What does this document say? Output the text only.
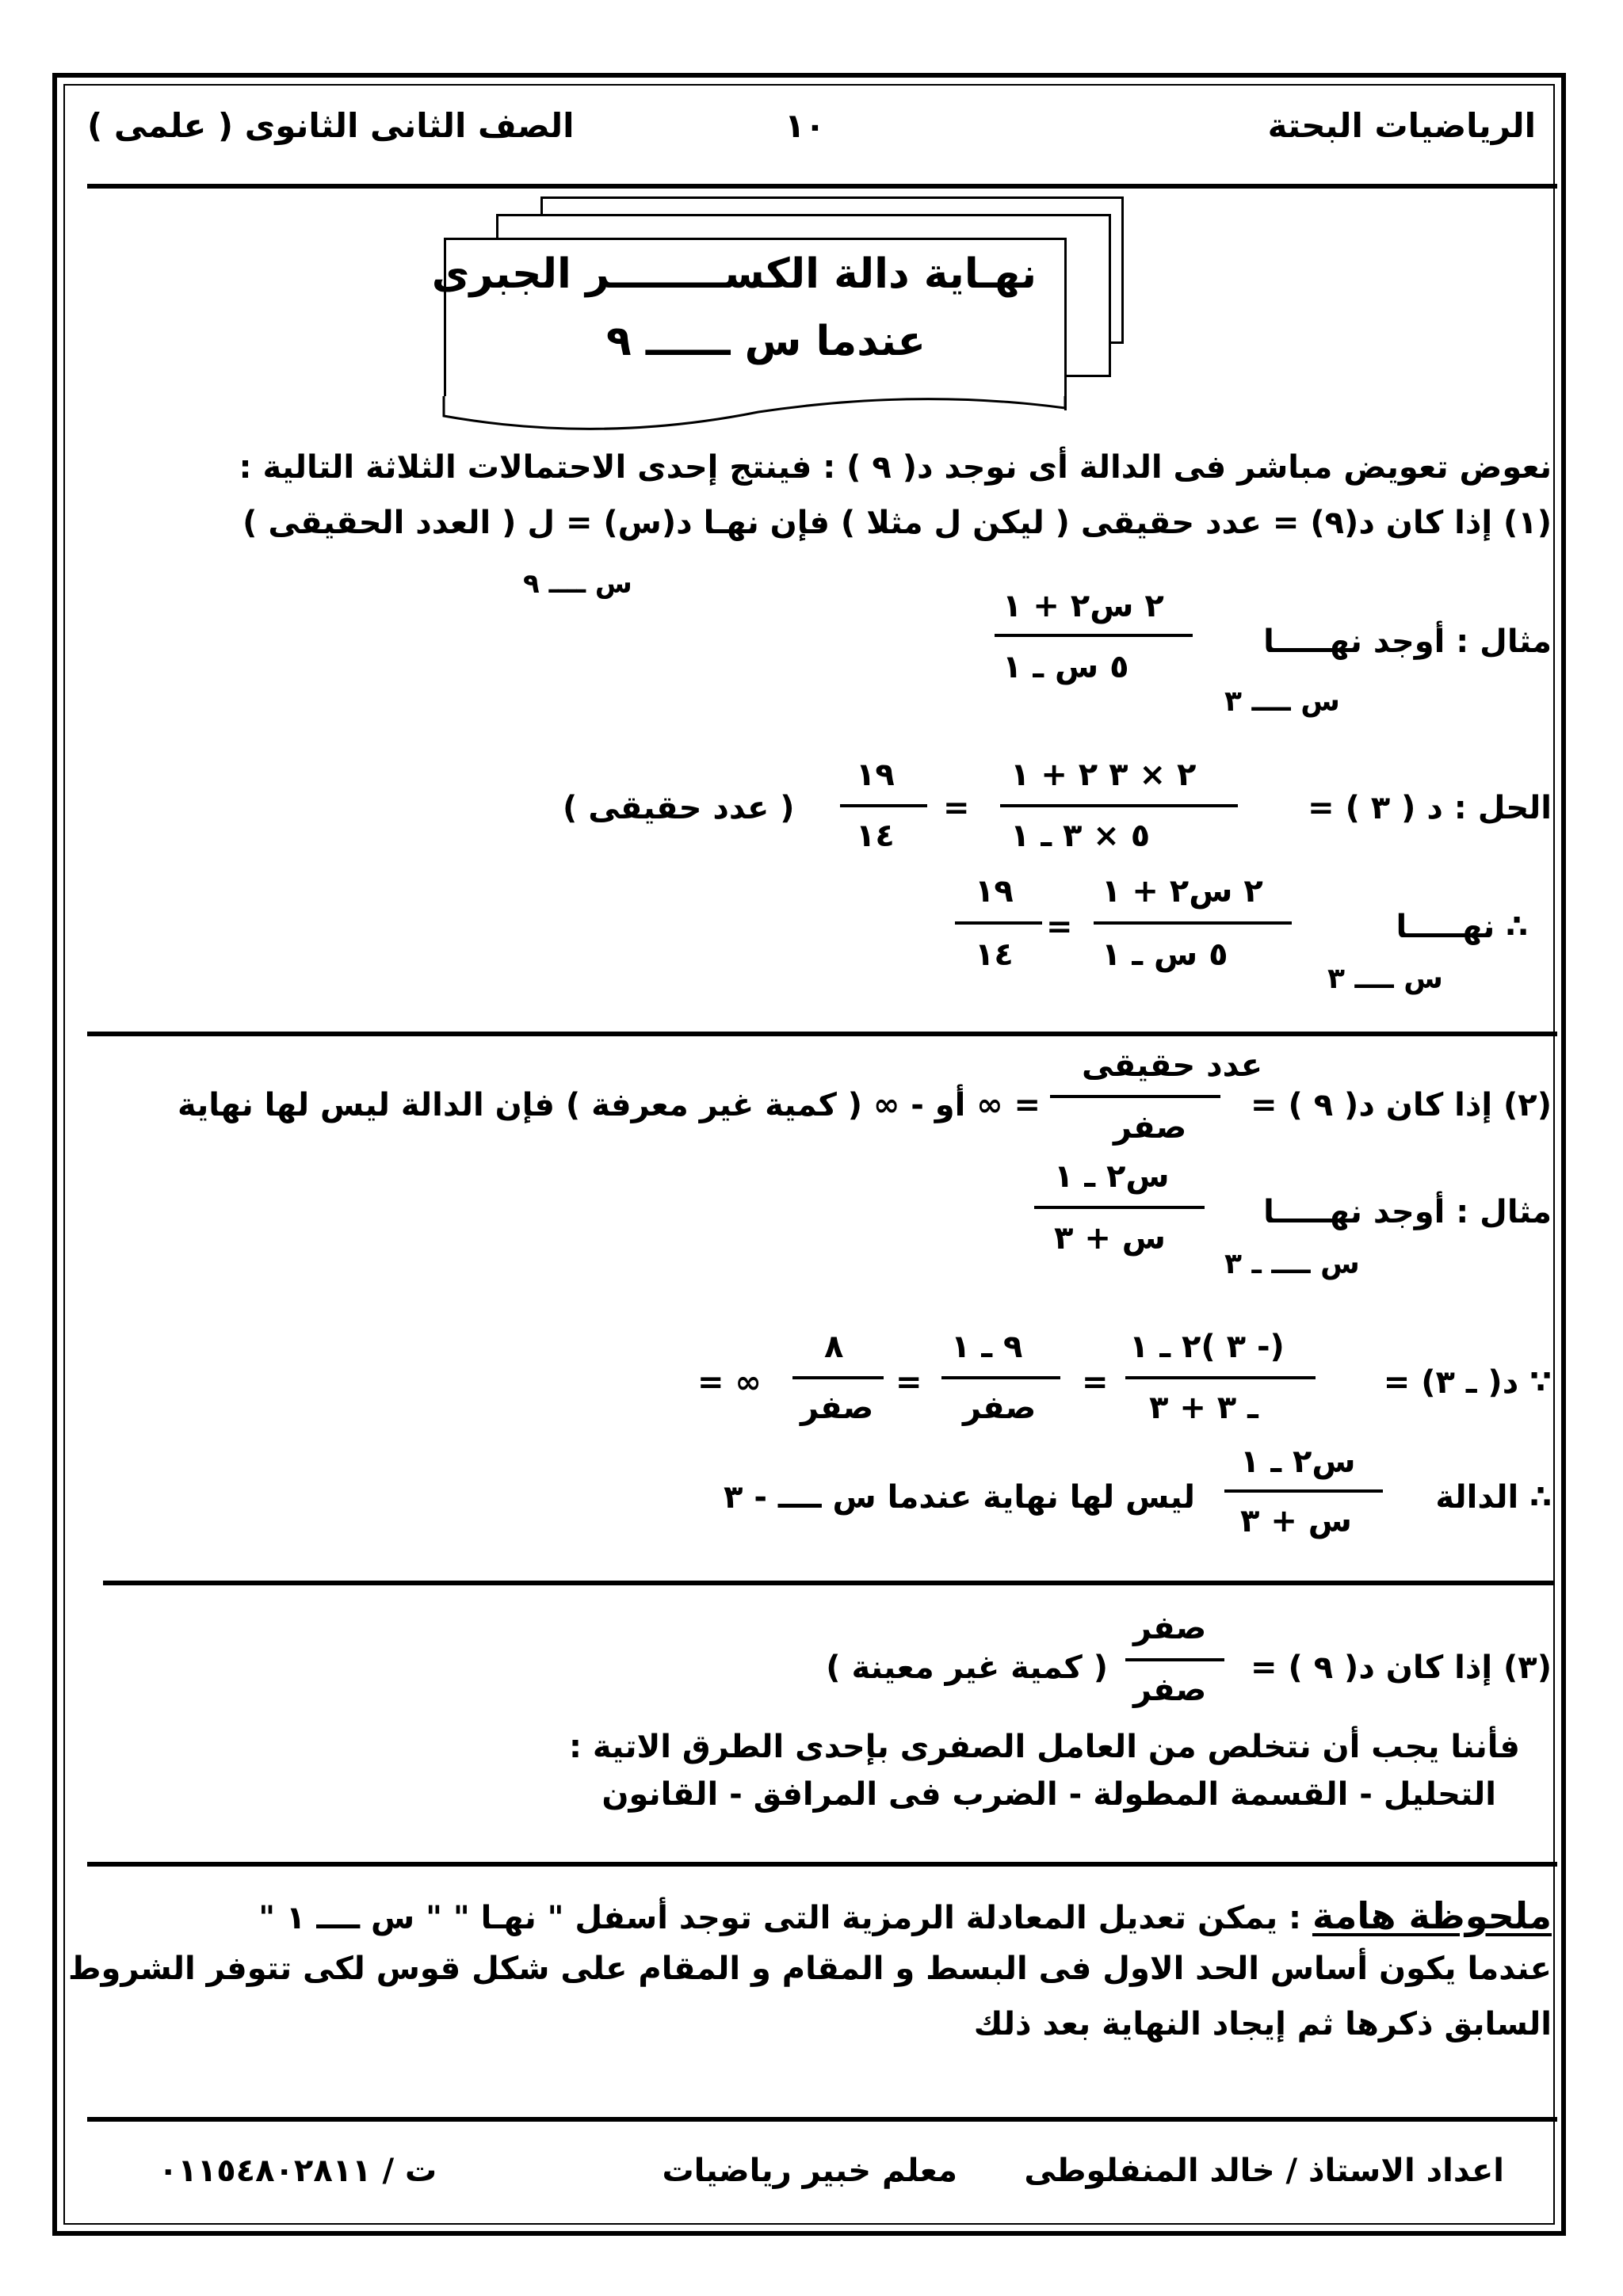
الرياضيات البحتة
١٠
الصف الثانى الثانوى ( علمى )
نهـاية دالة الكســــــــر الجبرى
عندما س ــــــ ٩
نعوض تعويض مباشر فى الدالة أى نوجد د( ٩ ) : فينتج إحدى الاحتمالات الثلاثة التالية :
(١) إذا كان د(٩) = عدد حقيقى ( ليكن ل مثلا ) فإن نهـا د(س) = ل ( العدد الحقيقى )
س ــــ ٩
مثال : أوجد نهـــــا
٢ س٢ + ١
٥ س ـ ١
س ــــ ٣
الحل : د ( ٣ ) =
٢ × ٣ ٢ + ١
٥ × ٣ ـ ١
=
١٩
١٤
( عدد حقيقى )
∴ نهـــــا
٢ س٢ + ١
٥ س ـ ١
=
١٩
١٤
س ــــ ٣
(٢) إذا كان د( ٩ ) =
عدد حقيقى
صفر
= ∞ أو - ∞ ( كمية غير معرفة ) فإن الدالة ليس لها نهاية
مثال : أوجد نهـــــا
س٢ ـ ١
س + ٣
س ــــ ـ ٣
∵ د( ـ ٣) =
(- ٣ )٢ ـ ١
ـ ٣ + ٣
=
٩ ـ ١
صفر
=
٨
صفر
= ∞
∴ الدالة
س٢ ـ ١
س + ٣
ليس لها نهاية عندما س ــــ - ٣
(٣) إذا كان د( ٩ ) =
صفر
صفر
( كمية غير معينة )
فأننا يجب أن نتخلص من العامل الصفرى بإحدى الطرق الاتية :
التحليل - القسمة المطولة - الضرب فى المرافق - القانون
ملحوظة هامة : يمكن تعديل المعادلة الرمزية التى توجد أسفل " نهـا " " س ــــ ١ "
عندما يكون أساس الحد الاول فى البسط و المقام و المقام على شكل قوس لكى تتوفر الشروط
السابق ذكرها ثم إيجاد النهاية بعد ذلك
اعداد الاستاذ / خالد المنفلوطى
معلم خبير رياضيات
ت / ٠١١٥٤٨٠٢٨١١
